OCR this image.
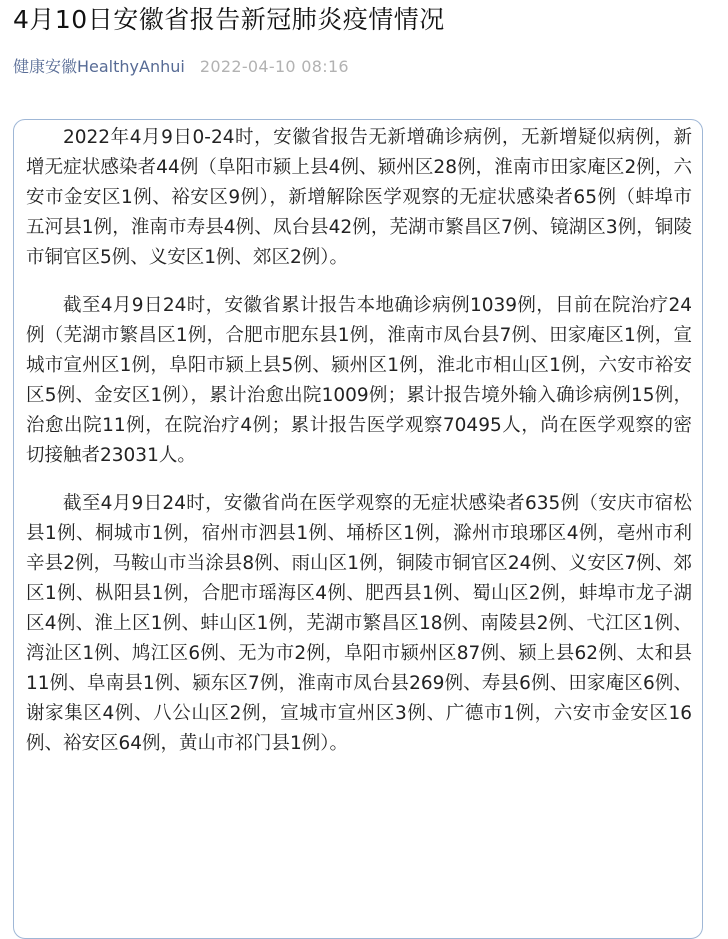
4月10日安徽省报告新冠肺炎疫情情况
健康安徽HealthyAnhui 2022-04-10 08:16

2022年4月9日0-24时，安徽省报告无新增确诊病例，无新增疑似病例，新增无症状感染者44例（阜阳市颍上县4例、颍州区28例，淮南市田家庵区2例，六安市金安区1例、裕安区9例），新增解除医学观察的无症状感染者65例（蚌埠市五河县1例，淮南市寿县4例、凤台县42例，芜湖市繁昌区7例、镜湖区3例，铜陵市铜官区5例、义安区1例、郊区2例）。

截至4月9日24时，安徽省累计报告本地确诊病例1039例，目前在院治疗24例（芜湖市繁昌区1例，合肥市肥东县1例，淮南市凤台县7例、田家庵区1例，宣城市宣州区1例，阜阳市颍上县5例、颍州区1例，淮北市相山区1例，六安市裕安区5例、金安区1例），累计治愈出院1009例；累计报告境外输入确诊病例15例，治愈出院11例，在院治疗4例；累计报告医学观察70495人，尚在医学观察的密切接触者23031人。

截至4月9日24时，安徽省尚在医学观察的无症状感染者635例（安庆市宿松县1例、桐城市1例，宿州市泗县1例、埇桥区1例，滁州市琅琊区4例，亳州市利辛县2例，马鞍山市当涂县8例、雨山区1例，铜陵市铜官区24例、义安区7例、郊区1例、枞阳县1例，合肥市瑶海区4例、肥西县1例、蜀山区2例，蚌埠市龙子湖区4例、淮上区1例、蚌山区1例，芜湖市繁昌区18例、南陵县2例、弋江区1例、湾沚区1例、鸠江区6例、无为市2例，阜阳市颍州区87例、颍上县62例、太和县11例、阜南县1例、颍东区7例，淮南市凤台县269例、寿县6例、田家庵区6例、谢家集区4例、八公山区2例，宣城市宣州区3例、广德市1例，六安市金安区16例、裕安区64例，黄山市祁门县1例）。
